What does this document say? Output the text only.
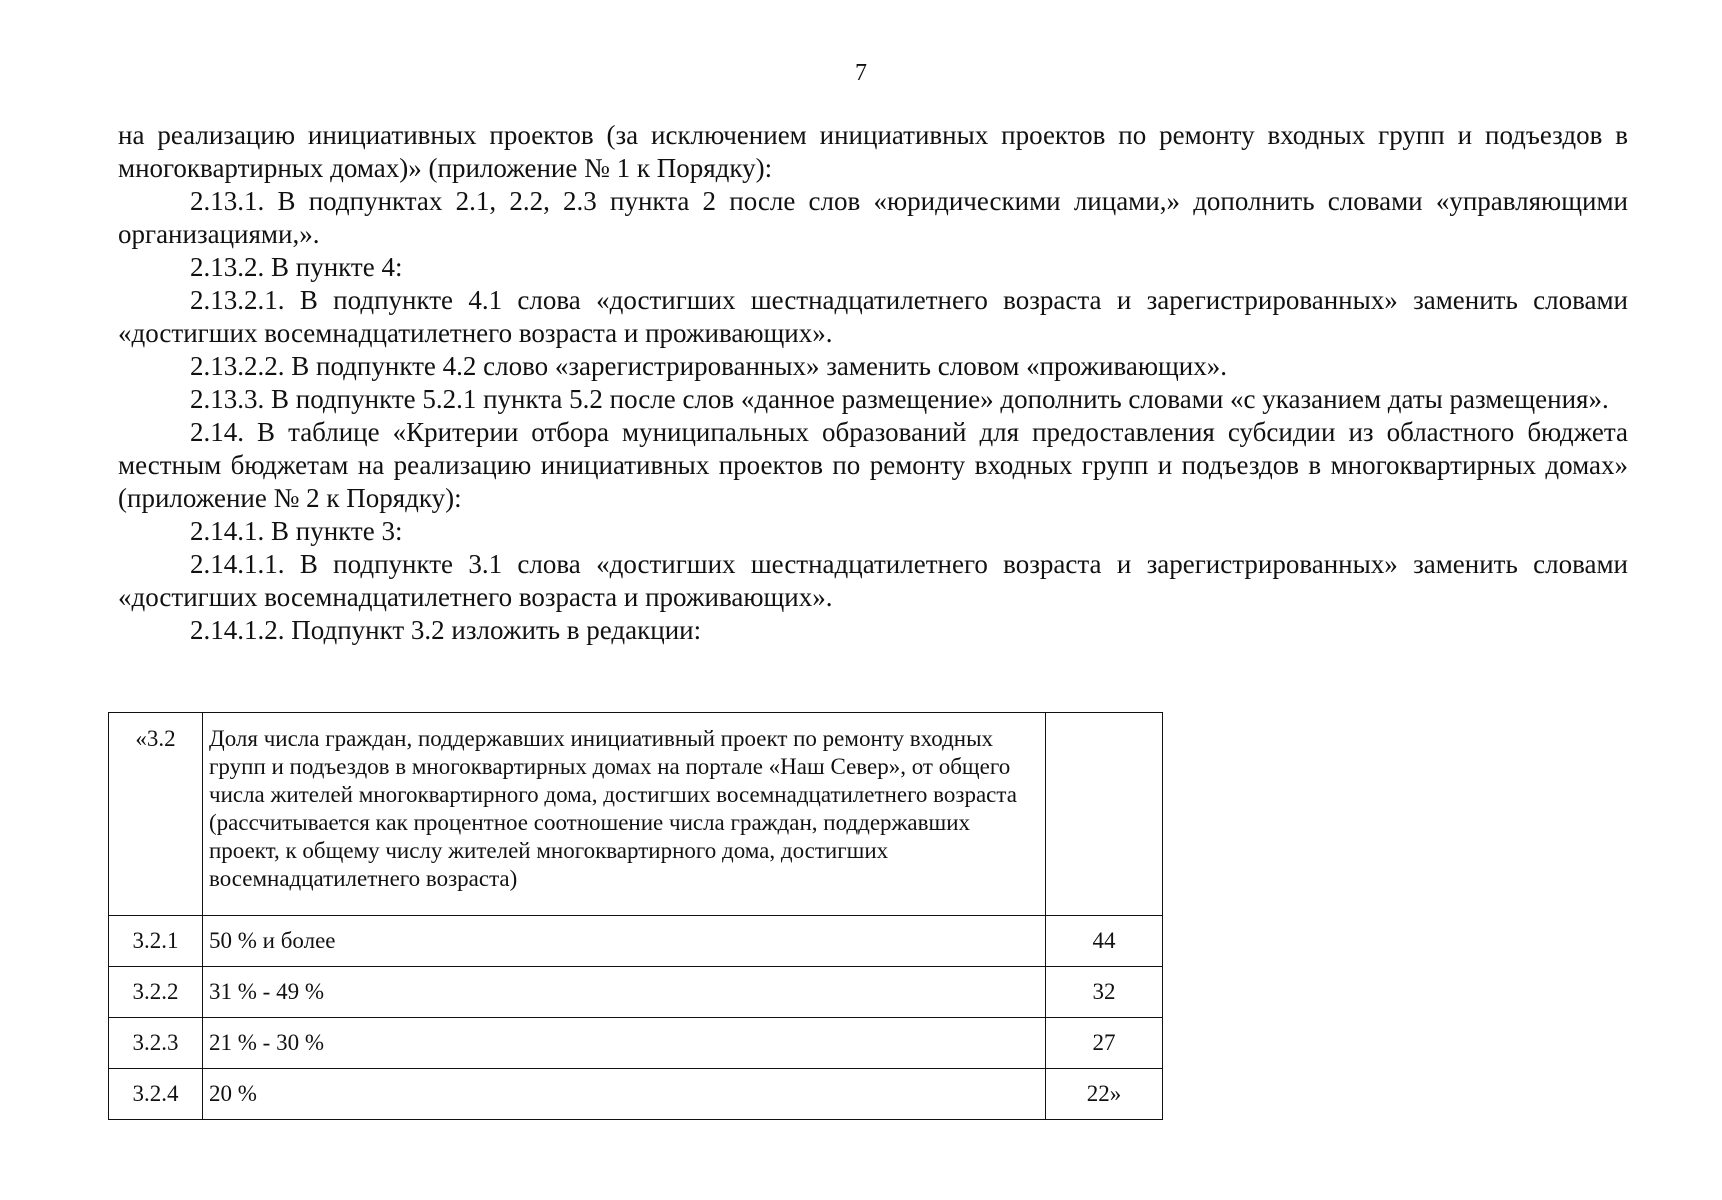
7

на реализацию инициативных проектов (за исключением инициативных проектов по ремонту входных групп и подъездов в многоквартирных домах)» (приложение № 1 к Порядку):

2.13.1. В подпунктах 2.1, 2.2, 2.3 пункта 2 после слов «юридическими лицами,» дополнить словами «управляющими организациями,».

2.13.2. В пункте 4:

2.13.2.1. В подпункте 4.1 слова «достигших шестнадцатилетнего возраста и зарегистрированных» заменить словами «достигших восемнадцатилетнего возраста и проживающих».

2.13.2.2. В подпункте 4.2 слово «зарегистрированных» заменить словом «проживающих».

2.13.3. В подпункте 5.2.1 пункта 5.2 после слов «данное размещение» дополнить словами «с указанием даты размещения».

2.14. В таблице «Критерии отбора муниципальных образований для предоставления субсидии из областного бюджета местным бюджетам на реализацию инициативных проектов по ремонту входных групп и подъездов в многоквартирных домах» (приложение № 2 к Порядку):

2.14.1. В пункте 3:

2.14.1.1. В подпункте 3.1 слова «достигших шестнадцатилетнего возраста и зарегистрированных» заменить словами «достигших восемнадцатилетнего возраста и проживающих».

2.14.1.2. Подпункт 3.2 изложить в редакции:

«3.2	Доля числа граждан, поддержавших инициативный проект по ремонту входных групп и подъездов в многоквартирных домах на портале «Наш Север», от общего числа жителей многоквартирного дома, достигших восемнадцатилетнего возраста (рассчитывается как процентное соотношение числа граждан, поддержавших проект, к общему числу жителей многоквартирного дома, достигших восемнадцатилетнего возраста)	
3.2.1	50 % и более	44
3.2.2	31 % - 49 %	32
3.2.3	21 % - 30 %	27
3.2.4	20 %	22»
